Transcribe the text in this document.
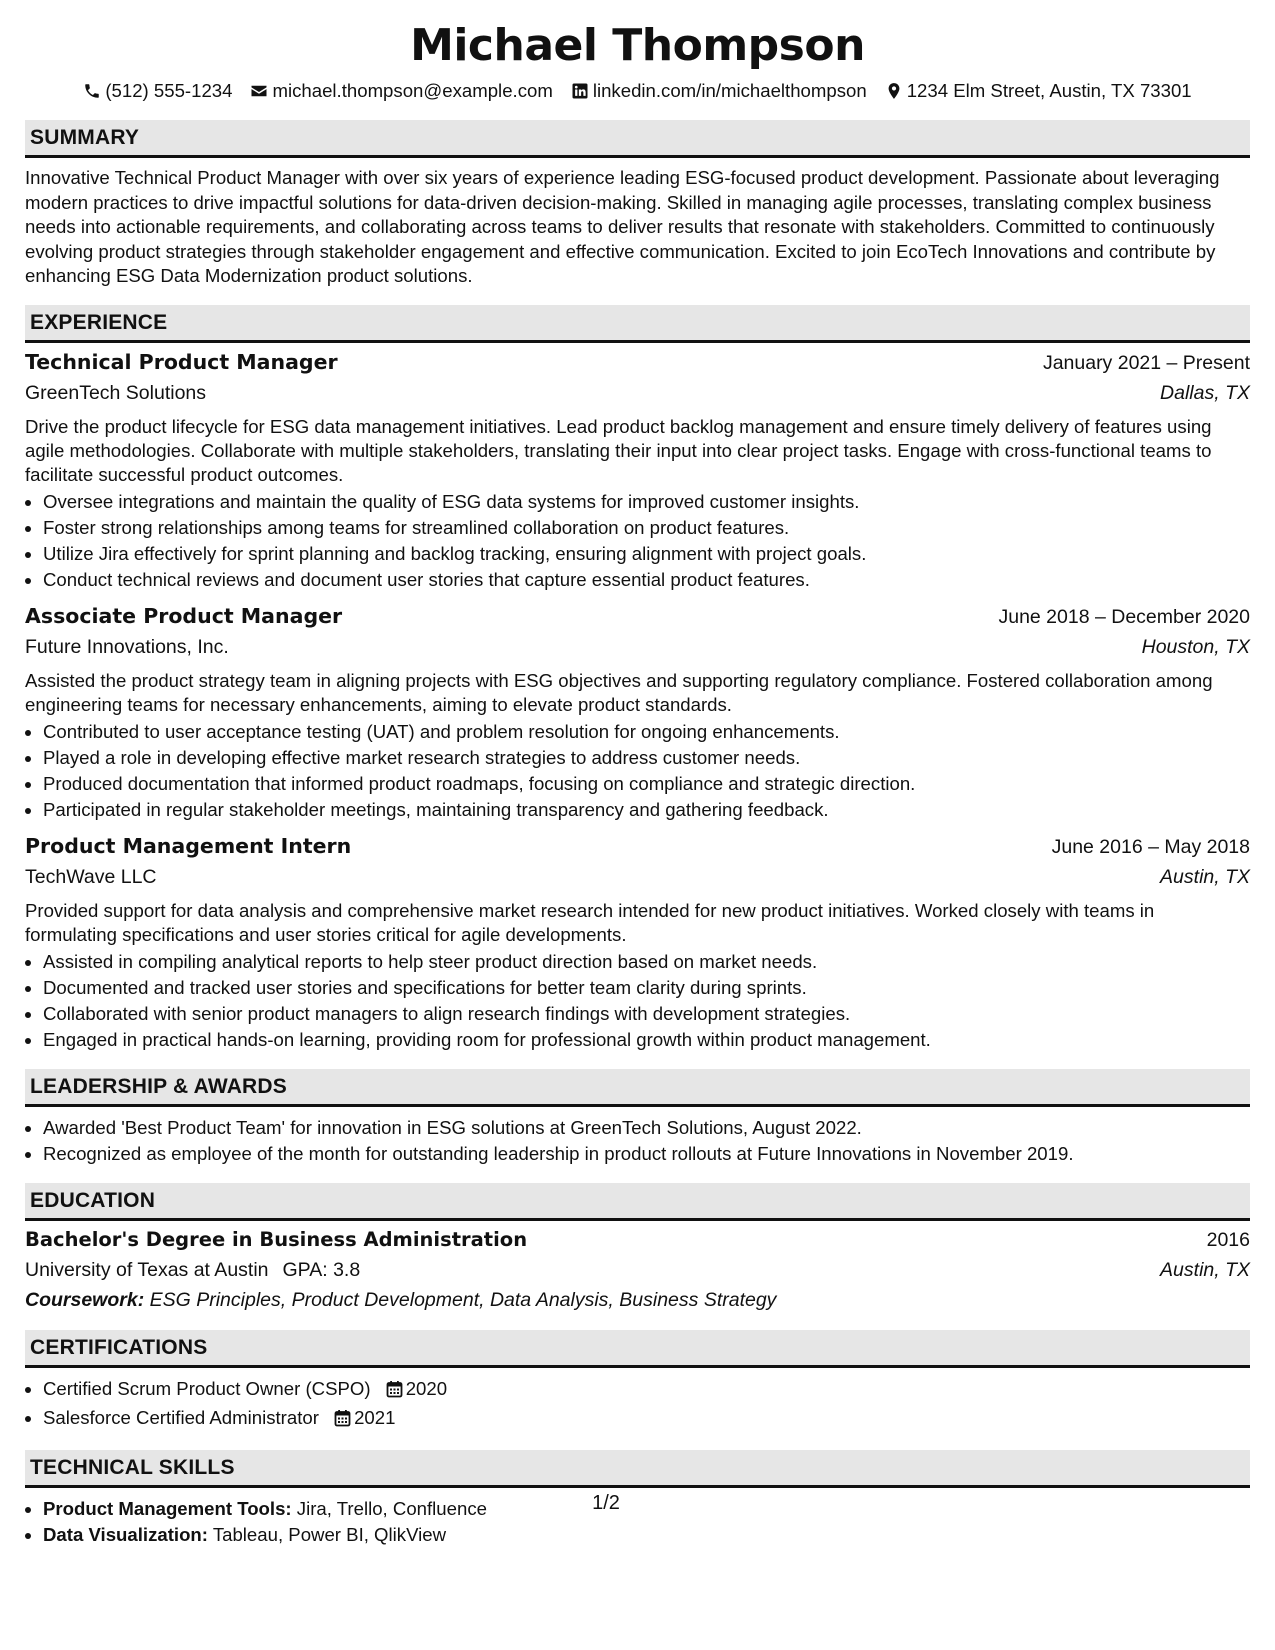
Michael Thompson
(512) 555-1234 michael.thompson@example.com linkedin.com/in/michaelthompson 1234 Elm Street, Austin, TX 73301
SUMMARY

Innovative Technical Product Manager with over six years of experience leading ESG-focused product development. Passionate about leveraging modern practices to drive impactful solutions for data-driven decision-making. Skilled in managing agile processes, translating complex business needs into actionable requirements, and collaborating across teams to deliver results that resonate with stakeholders. Committed to continuously evolving product strategies through stakeholder engagement and effective communication. Excited to join EcoTech Innovations and contribute by enhancing ESG Data Modernization product solutions.

EXPERIENCE
Technical Product Manager	January 2021 – Present
GreenTech Solutions	Dallas, TX

Drive the product lifecycle for ESG data management initiatives. Lead product backlog management and ensure timely delivery of features using agile methodologies. Collaborate with multiple stakeholders, translating their input into clear project tasks. Engage with cross-functional teams to facilitate successful product outcomes.

• Oversee integrations and maintain the quality of ESG data systems for improved customer insights.
• Foster strong relationships among teams for streamlined collaboration on product features.
• Utilize Jira effectively for sprint planning and backlog tracking, ensuring alignment with project goals.
• Conduct technical reviews and document user stories that capture essential product features.
Associate Product Manager	June 2018 – December 2020
Future Innovations, Inc.	Houston, TX

Assisted the product strategy team in aligning projects with ESG objectives and supporting regulatory compliance. Fostered collaboration among engineering teams for necessary enhancements, aiming to elevate product standards.

• Contributed to user acceptance testing (UAT) and problem resolution for ongoing enhancements.
• Played a role in developing effective market research strategies to address customer needs.
• Produced documentation that informed product roadmaps, focusing on compliance and strategic direction.
• Participated in regular stakeholder meetings, maintaining transparency and gathering feedback.
Product Management Intern	June 2016 – May 2018
TechWave LLC	Austin, TX

Provided support for data analysis and comprehensive market research intended for new product initiatives. Worked closely with teams in formulating specifications and user stories critical for agile developments.

• Assisted in compiling analytical reports to help steer product direction based on market needs.
• Documented and tracked user stories and specifications for better team clarity during sprints.
• Collaborated with senior product managers to align research findings with development strategies.
• Engaged in practical hands-on learning, providing room for professional growth within product management.
LEADERSHIP & AWARDS
• Awarded 'Best Product Team' for innovation in ESG solutions at GreenTech Solutions, August 2022.
• Recognized as employee of the month for outstanding leadership in product rollouts at Future Innovations in November 2019.
EDUCATION
Bachelor's Degree in Business Administration	2016
University of Texas at Austin GPA: 3.8	Austin, TX
Coursework: ESG Principles, Product Development, Data Analysis, Business Strategy
CERTIFICATIONS
• Certified Scrum Product Owner (CSPO) 2020
• Salesforce Certified Administrator 2021
TECHNICAL SKILLS
• Product Management Tools: Jira, Trello, Confluence
• Data Visualization: Tableau, Power BI, QlikView
1/2
